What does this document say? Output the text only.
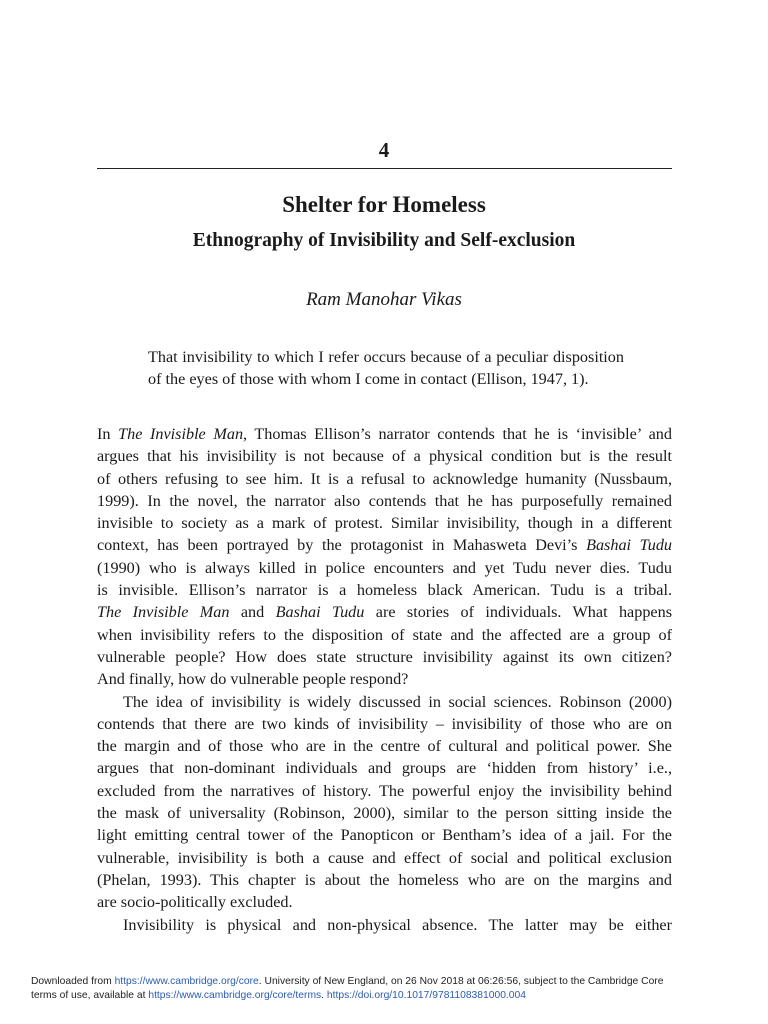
4
Shelter for Homeless
Ethnography of Invisibility and Self-exclusion
Ram Manohar Vikas
That invisibility to which I refer occurs because of a peculiar disposition of the eyes of those with whom I come in contact (Ellison, 1947, 1).
In The Invisible Man, Thomas Ellison’s narrator contends that he is ‘invisible’ and
argues that his invisibility is not because of a physical condition but is the result
of others refusing to see him. It is a refusal to acknowledge humanity (Nussbaum,
1999). In the novel, the narrator also contends that he has purposefully remained
invisible to society as a mark of protest. Similar invisibility, though in a different
context, has been portrayed by the protagonist in Mahasweta Devi’s Bashai Tudu
(1990) who is always killed in police encounters and yet Tudu never dies. Tudu
is invisible. Ellison’s narrator is a homeless black American. Tudu is a tribal.
The Invisible Man and Bashai Tudu are stories of individuals. What happens
when invisibility refers to the disposition of state and the affected are a group of
vulnerable people? How does state structure invisibility against its own citizen?
And finally, how do vulnerable people respond?
The idea of invisibility is widely discussed in social sciences. Robinson (2000)
contends that there are two kinds of invisibility – invisibility of those who are on
the margin and of those who are in the centre of cultural and political power. She
argues that non-dominant individuals and groups are ‘hidden from history’ i.e.,
excluded from the narratives of history. The powerful enjoy the invisibility behind
the mask of universality (Robinson, 2000), similar to the person sitting inside the
light emitting central tower of the Panopticon or Bentham’s idea of a jail. For the
vulnerable, invisibility is both a cause and effect of social and political exclusion
(Phelan, 1993). This chapter is about the homeless who are on the margins and
are socio-politically excluded.
Invisibility is physical and non-physical absence. The latter may be either
Downloaded from https://www.cambridge.org/core. University of New England, on 26 Nov 2018 at 06:26:56, subject to the Cambridge Core
terms of use, available at https://www.cambridge.org/core/terms. https://doi.org/10.1017/9781108381000.004
